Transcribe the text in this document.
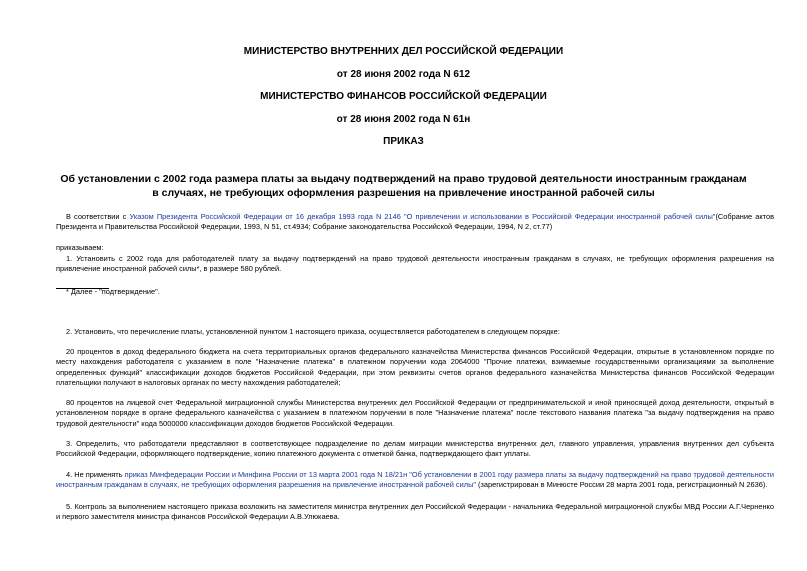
МИНИСТЕРСТВО ВНУТРЕННИХ ДЕЛ РОССИЙСКОЙ ФЕДЕРАЦИИ
от 28 июня 2002 года N 612
МИНИСТЕРСТВО ФИНАНСОВ РОССИЙСКОЙ ФЕДЕРАЦИИ
от 28 июня 2002 года N 61н
ПРИКАЗ
Об установлении с 2002 года размера платы за выдачу подтверждений на право трудовой деятельности иностранным гражданам в случаях, не требующих оформления разрешения на привлечение иностранной рабочей силы
В соответствии с Указом Президента Российской Федерации от 16 декабря 1993 года N 2146 "О привлечении и использовании в Российской Федерации иностранной рабочей силы"(Собрание актов Президента и Правительства Российской Федерации, 1993, N 51, ст.4934; Собрание законодательства Российской Федерации, 1994, N 2, ст.77)
приказываем:
1. Установить с 2002 года для работодателей плату за выдачу подтверждений на право трудовой деятельности иностранным гражданам в случаях, не требующих оформления разрешения на привлечение иностранной рабочей силы*, в размере 580 рублей.
* Далее - "подтверждение".
2. Установить, что перечисление платы, установленной пунктом 1 настоящего приказа, осуществляется работодателем в следующем порядке:
20 процентов в доход федерального бюджета на счета территориальных органов федерального казначейства Министерства финансов Российской Федерации, открытые в установленном порядке по месту нахождения работодателя с указанием в поле "Назначение платежа" в платежном поручении кода 2064000 "Прочие платежи, взимаемые государственными организациями за выполнение определенных функций" классификации доходов бюджетов Российской Федерации, при этом реквизиты счетов органов федерального казначейства Министерства финансов Российской Федерации плательщики получают в налоговых органах по месту нахождения работодателей;
80 процентов на лицевой счет Федеральной миграционной службы Министерства внутренних дел Российской Федерации от предпринимательской и иной приносящей доход деятельности, открытый в установленном порядке в органе федерального казначейства с указанием в платежном поручении в поле "Назначение платежа" после текстового названия платежа "за выдачу подтверждения на право трудовой деятельности" кода 5000000 классификации доходов бюджетов Российской Федерации.
3. Определить, что работодатели представляют в соответствующее подразделение по делам миграции министерства внутренних дел, главного управления, управления внутренних дел субъекта Российской Федерации, оформляющего подтверждение, копию платежного документа с отметкой банка, подтверждающего факт уплаты.
4. Не применять приказ Минфедерации России и Минфина России от 13 марта 2001 года N 18/21н "Об установлении в 2001 году размера платы за выдачу подтверждений на право трудовой деятельности иностранным гражданам в случаях, не требующих оформления разрешения на привлечение иностранной рабочей силы" (зарегистрирован в Минюсте России 28 марта 2001 года, регистрационный N 2636).
5. Контроль за выполнением настоящего приказа возложить на заместителя министра внутренних дел Российской Федерации - начальника Федеральной миграционной службы МВД России А.Г.Черненко и первого заместителя министра финансов Российской Федерации А.В.Улюкаева.
